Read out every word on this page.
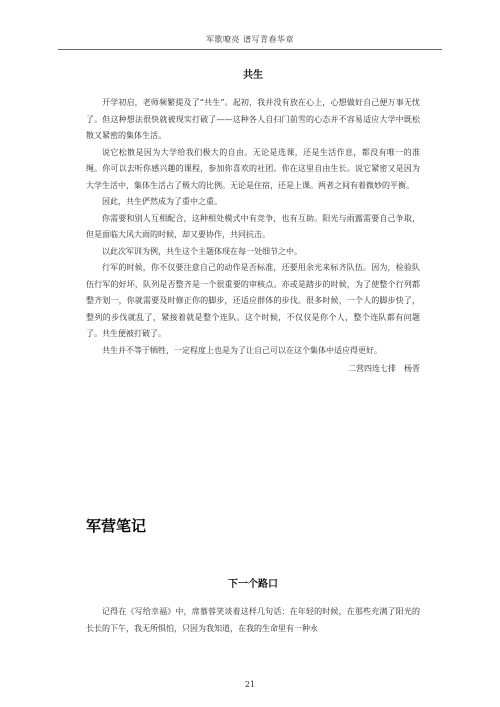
军歌嘹亮 谱写青春华章
共生

开学初启，老师频繁提及了“共生”。起初，我并没有放在心上，心想做好自己便万事无忧了。但这种想法很快就被现实打破了——这种各人自扫门前雪的心态并不容易适应大学中既松散又紧密的集体生活。

说它松散是因为大学给我们极大的自由。无论是选课，还是生活作息，都没有唯一的准绳。你可以去听你感兴趣的课程，参加你喜欢的社团。你在这里自由生长。说它紧密又是因为大学生活中，集体生活占了极大的比例。无论是住宿，还是上课。两者之间有着微妙的平衡。

因此，共生俨然成为了重中之重。

你需要和别人互相配合，这种相处模式中有竞争，也有互助。阳光与雨露需要自己争取，但是面临大风大雨的时候，却又要协作，共同抗击。

以此次军训为例，共生这个主题体现在每一处细节之中。

行军的时候，你不仅要注意自己的动作是否标准，还要用余光来标齐队伍。因为，检验队伍行军的好坏，队列是否整齐是一个很重要的审核点。亦或是踏步的时候，为了使整个行列都整齐划一，你就需要及时修正你的脚步，还适应群体的步伐。很多时候，一个人的脚步快了，整列的步伐就乱了，紧接着就是整个连队。这个时候，不仅仅是你个人，整个连队都有问题了。共生便被打破了。

共生并不等于牺牲，一定程度上也是为了让自己可以在这个集体中适应得更好。

二营四连七排　杨晋

军营笔记
下一个路口

记得在《写给幸福》中，席慕蓉笑谈着这样几句话：在年轻的时候，在那些充满了阳光的长长的下午，我无所惧怕，只因为我知道，在我的生命里有一种永

21
